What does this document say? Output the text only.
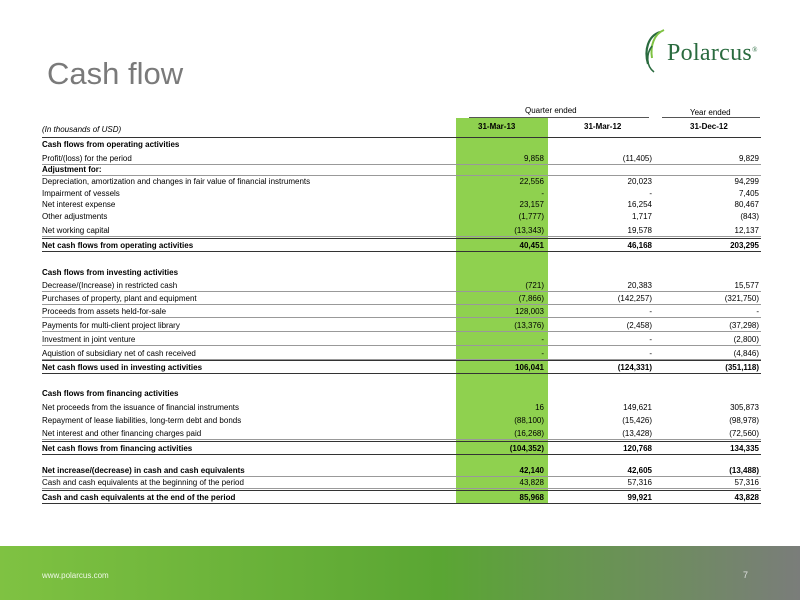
Cash flow
Polarcus®
Quarter ended	Year ended
(In thousands of USD)	31-Mar-13	31-Mar-12	31-Dec-12
Cash flows from operating activities
Profit/(loss) for the period	9,858	(11,405)	9,829
Adjustment for:
Depreciation, amortization and changes in fair value of financial instruments	22,556	20,023	94,299
Impairment of vessels	-	-	7,405
Net interest expense	23,157	16,254	80,467
Other adjustments	(1,777)	1,717	(843)
Net working capital	(13,343)	19,578	12,137
Net cash flows from operating activities	40,451	46,168	203,295
Cash flows from investing activities
Decrease/(Increase) in restricted cash	(721)	20,383	15,577
Purchases of property, plant and equipment	(7,866)	(142,257)	(321,750)
Proceeds from assets held-for-sale	128,003	-	-
Payments for multi-client project library	(13,376)	(2,458)	(37,298)
Investment in joint venture	-	-	(2,800)
Aquistion of subsidiary net of cash received	-	-	(4,846)
Net cash flows used in investing activities	106,041	(124,331)	(351,118)
Cash flows from financing activities
Net proceeds from the issuance of financial instruments	16	149,621	305,873
Repayment of lease liabilities, long-term debt and bonds	(88,100)	(15,426)	(98,978)
Net interest and other financing charges paid	(16,268)	(13,428)	(72,560)
Net cash flows from financing activities	(104,352)	120,768	134,335
Net increase/(decrease) in cash and cash equivalents	42,140	42,605	(13,488)
Cash and cash equivalents at the beginning of the period	43,828	57,316	57,316
Cash and cash equivalents at the end of the period	85,968	99,921	43,828
www.polarcus.com	7
